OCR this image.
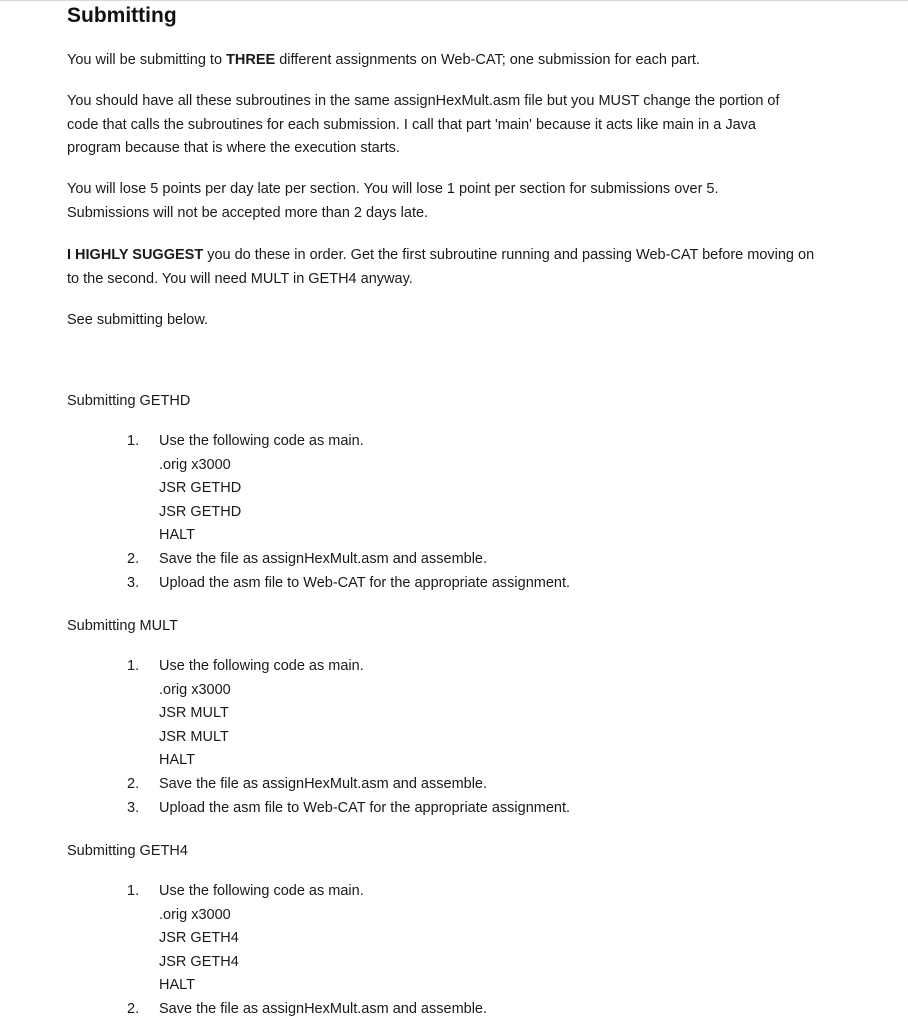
Submitting

You will be submitting to THREE different assignments on Web-CAT; one submission for each part.

You should have all these subroutines in the same assignHexMult.asm file but you MUST change the portion of
code that calls the subroutines for each submission. I call that part 'main' because it acts like main in a Java
program because that is where the execution starts.

You will lose 5 points per day late per section. You will lose 1 point per section for submissions over 5.
Submissions will not be accepted more than 2 days late.

I HIGHLY SUGGEST you do these in order. Get the first subroutine running and passing Web-CAT before moving on
to the second. You will need MULT in GETH4 anyway.

See submitting below.

Submitting GETHD

1.	Use the following code as main.
.orig x3000
JSR GETHD
JSR GETHD
HALT
2.	Save the file as assignHexMult.asm and assemble.
3.	Upload the asm file to Web-CAT for the appropriate assignment.

Submitting MULT

1.	Use the following code as main.
.orig x3000
JSR MULT
JSR MULT
HALT
2.	Save the file as assignHexMult.asm and assemble.
3.	Upload the asm file to Web-CAT for the appropriate assignment.

Submitting GETH4

1.	Use the following code as main.
.orig x3000
JSR GETH4
JSR GETH4
HALT
2.	Save the file as assignHexMult.asm and assemble.
